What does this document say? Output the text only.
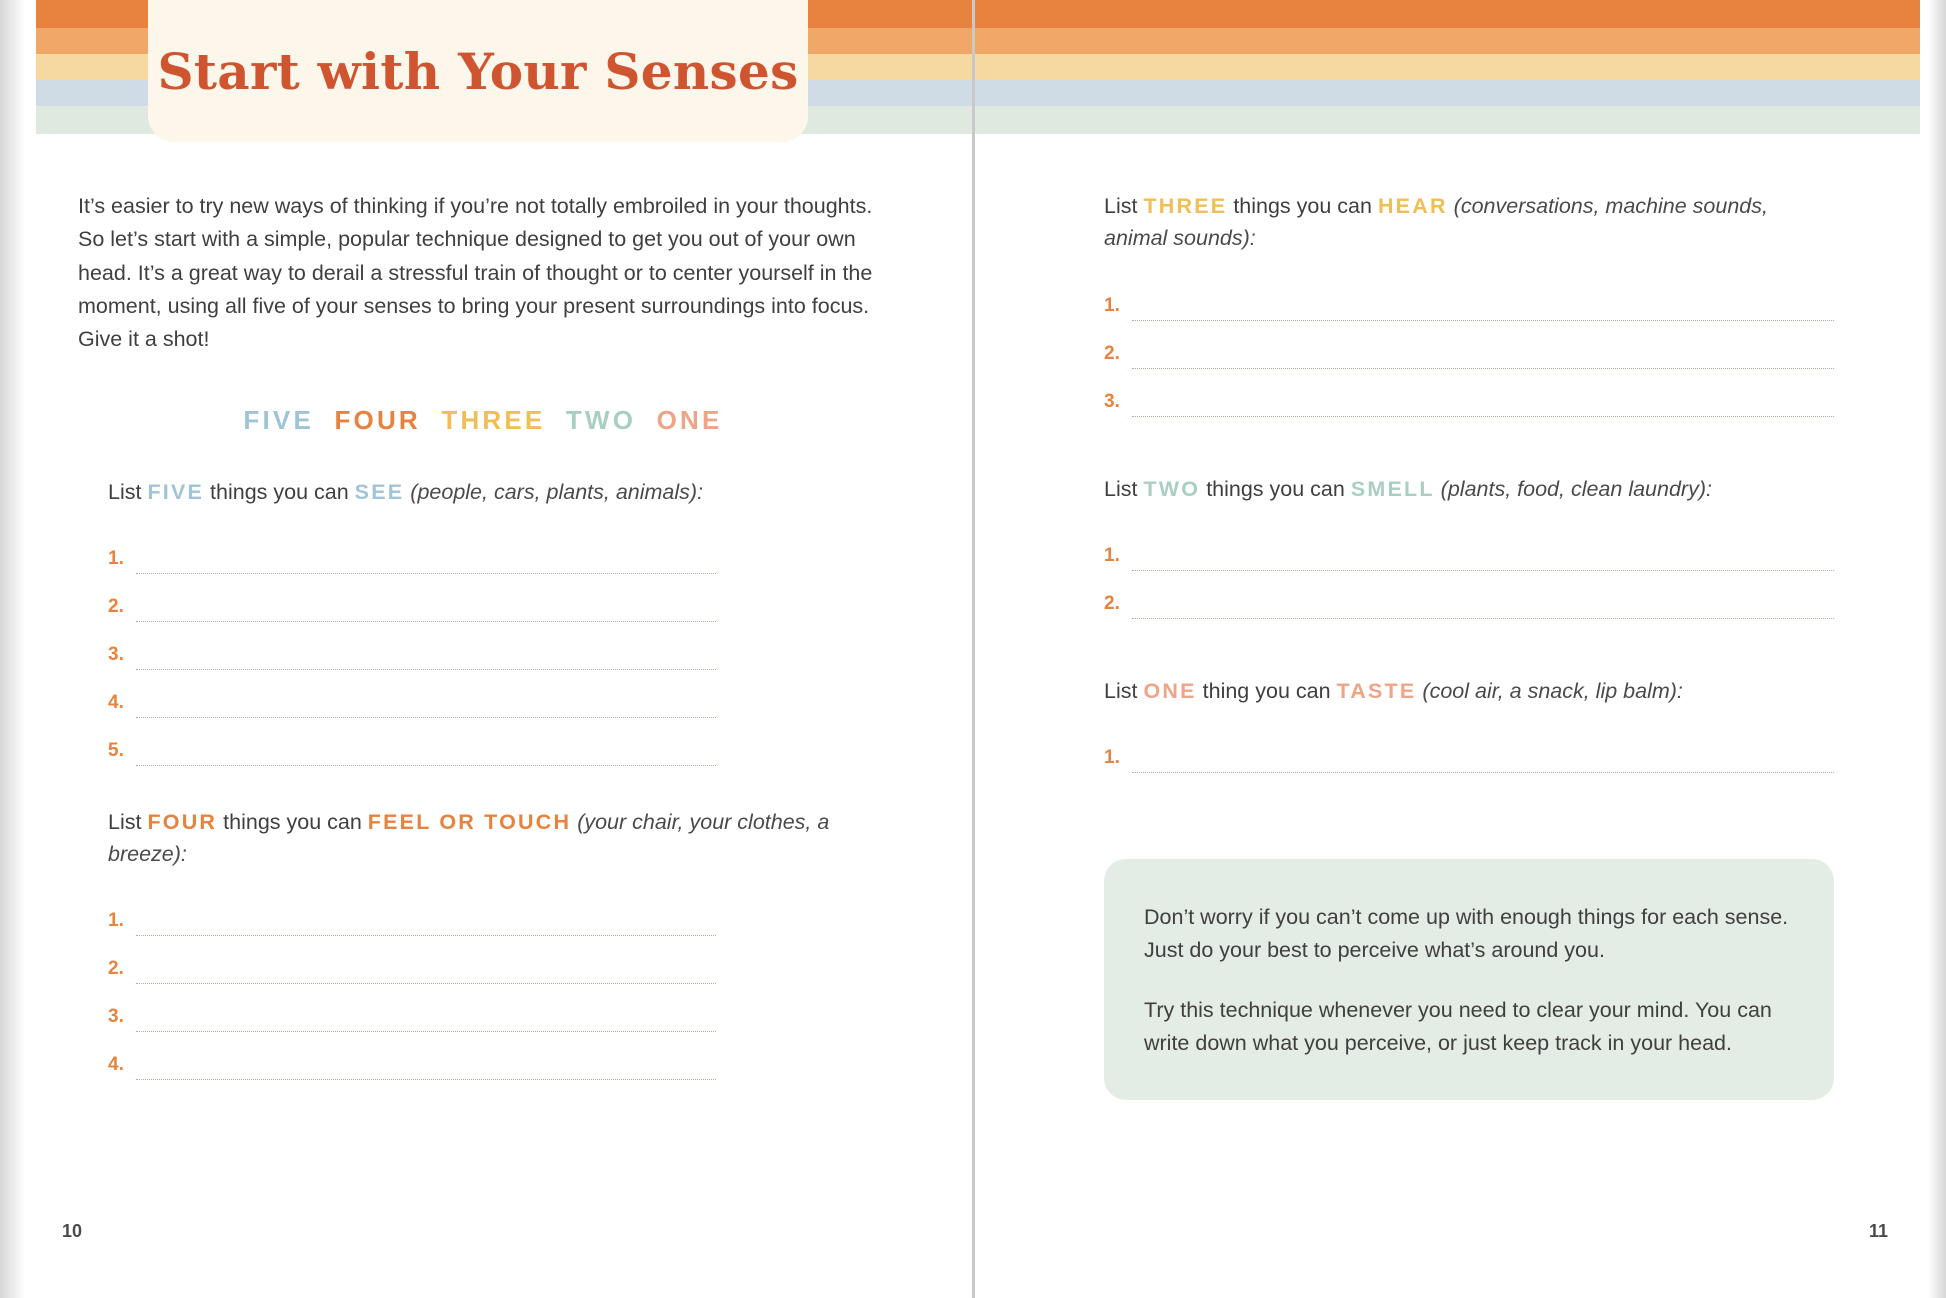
Start with Your Senses

It’s easier to try new ways of thinking if you’re not totally embroiled in your thoughts. So let’s start with a simple, popular technique designed to get you out of your own head. It’s a great way to derail a stressful train of thought or to center yourself in the moment, using all five of your senses to bring your present surroundings into focus. Give it a shot!

FIVE FOUR THREE TWO ONE

List FIVE things you can SEE (people, cars, plants, animals):

1.
2.
3.
4.
5.

List FOUR things you can FEEL OR TOUCH (your chair, your clothes, a breeze):

1.
2.
3.
4.

List THREE things you can HEAR (conversations, machine sounds, animal sounds):

1.
2.
3.

List TWO things you can SMELL (plants, food, clean laundry):

1.
2.

List ONE thing you can TASTE (cool air, a snack, lip balm):

1.

Don’t worry if you can’t come up with enough things for each sense. Just do your best to perceive what’s around you.

Try this technique whenever you need to clear your mind. You can write down what you perceive, or just keep track in your head.

10	11
